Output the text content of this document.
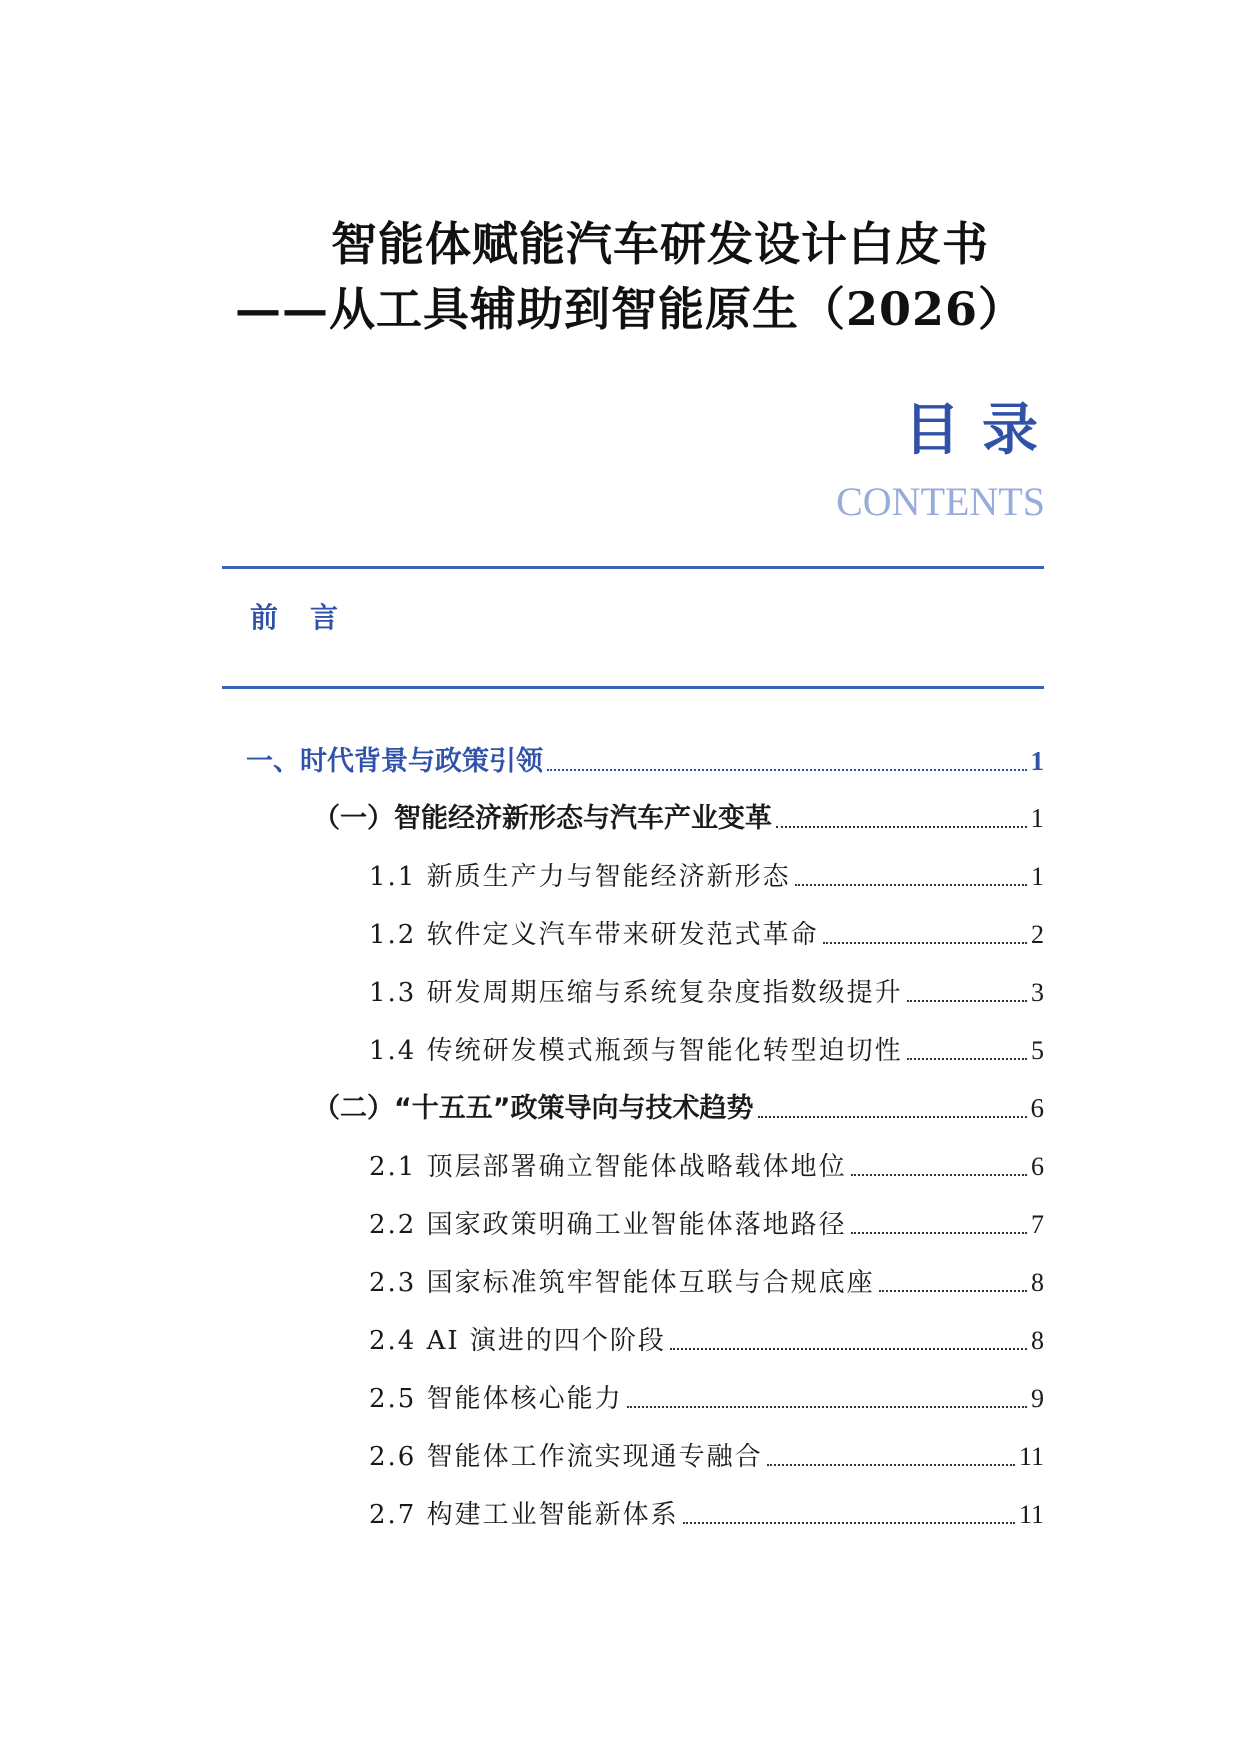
智能体赋能汽车研发设计白皮书
——从工具辅助到智能原生（2026）
目录
CONTENTS
前言
一、时代背景与政策引领	1
（一）智能经济新形态与汽车产业变革	1
1.1 新质生产力与智能经济新形态	1
1.2 软件定义汽车带来研发范式革命	2
1.3 研发周期压缩与系统复杂度指数级提升	3
1.4 传统研发模式瓶颈与智能化转型迫切性	5
（二）“十五五”政策导向与技术趋势	6
2.1 顶层部署确立智能体战略载体地位	6
2.2 国家政策明确工业智能体落地路径	7
2.3 国家标准筑牢智能体互联与合规底座	8
2.4 AI 演进的四个阶段	8
2.5 智能体核心能力	9
2.6 智能体工作流实现通专融合	11
2.7 构建工业智能新体系	11
